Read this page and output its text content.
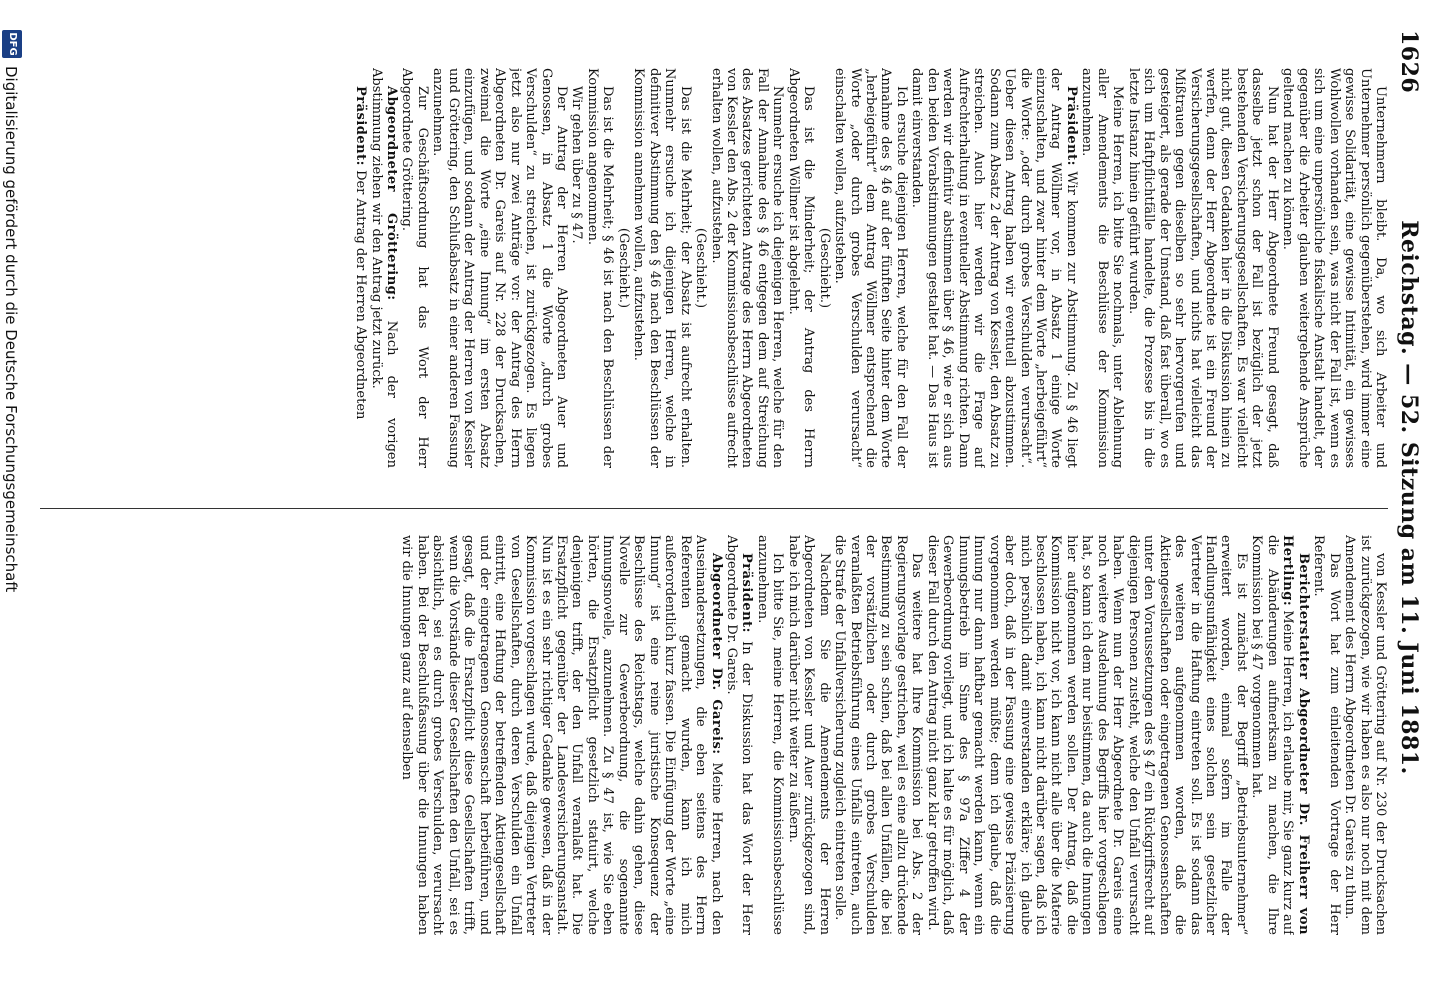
1626
Reichstag. — 52. Sitzung am 11. Juni 1881.

Unternehmern bleibt. Da, wo sich Arbeiter und Unternehmer persönlich gegenüberstehen, wird immer eine gewisse Solidarität, eine gewisse Intimität, ein gewisses Wohlwollen vorhanden sein, was nicht der Fall ist, wenn es sich um eine unpersönliche fiskalische Anstalt handelt, der gegenüber die Arbeiter glauben weitergehende Ansprüche geltend machen zu können.

Nun hat der Herr Abgeordnete Freund gesagt, daß dasselbe jetzt schon der Fall ist bezüglich der jetzt bestehenden Versicherungsgesellschaften. Es war vielleicht nicht gut, diesen Gedanken hier in die Diskussion hinein zu werfen, denn der Herr Abgeordnete ist ein Freund der Versicherungsgesellschaften, und nichts hat vielleicht das Mißtrauen gegen dieselben so sehr hervorgerufen und gesteigert, als gerade der Umstand, daß fast überall, wo es sich um Haftpflichtfälle handelte, die Prozesse bis in die letzte Instanz hinein geführt wurden.

Meine Herren, ich bitte Sie nochmals, unter Ablehnung aller Amendements die Beschlüsse der Kommission anzunehmen.

Präsident: Wir kommen zur Abstimmung. Zu § 46 liegt der Antrag Wöllmer vor, in Absatz 1 einige Worte einzuschalten, und zwar hinter dem Worte „herbeigeführt“ die Worte: „oder durch grobes Verschulden verursacht“. Ueber diesen Antrag haben wir eventuell abzustimmen. Sodann zum Absatz 2 der Antrag von Kessler, den Absatz zu streichen. Auch hier werden wir die Frage auf Aufrechterhaltung in eventueller Abstimmung richten. Dann werden wir definitiv abstimmen über § 46, wie er sich aus den beiden Vorabstimmungen gestaltet hat. — Das Haus ist damit einverstanden.

Ich ersuche diejenigen Herren, welche für den Fall der Annahme des § 46 auf der fünften Seite hinter dem Worte „herbeigeführt“ dem Antrag Wöllmer entsprechend die Worte „oder durch grobes Verschulden verursacht“ einschalten wollen, aufzustehen.

(Geschieht.)

Das ist die Minderheit; der Antrag des Herrn Abgeordneten Wöllmer ist abgelehnt.

Nunmehr ersuche ich diejenigen Herren, welche für den Fall der Annahme des § 46 entgegen dem auf Streichung des Absatzes gerichteten Antrage des Herrn Abgeordneten von Kessler den Abs. 2 der Kommissionsbeschlüsse aufrecht erhalten wollen, aufzustehen.

(Geschieht.)

Das ist die Mehrheit; der Absatz ist aufrecht erhalten. Nunmehr ersuche ich diejenigen Herren, welche in definitiver Abstimmung den § 46 nach den Beschlüssen der Kommission annehmen wollen, aufzustehen.

(Geschieht.)

Das ist die Mehrheit; § 46 ist nach den Beschlüssen der Kommission angenommen.

Wir gehen über zu § 47.

Der Antrag der Herren Abgeordneten Auer und Genossen, in Absatz 1 die Worte „durch grobes Verschulden“ zu streichen, ist zurückgezogen. Es liegen jetzt also nur zwei Anträge vor: der Antrag des Herrn Abgeordneten Dr. Gareis auf Nr. 228 der Drucksachen, zweimal die Worte „eine Innung“ im ersten Absatz einzufügen, und sodann der Antrag der Herren von Kessler und Gröttering, den Schlußabsatz in einer anderen Fassung anzunehmen.

Zur Geschäftsordnung hat das Wort der Herr Abgeordnete Gröttering.

Abgeordneter Gröttering: Nach der vorigen Abstimmung ziehen wir den Antrag jetzt zurück.

Präsident: Der Antrag der Herren Abgeordneten

von Kessler und Gröttering auf Nr. 230 der Drucksachen ist zurückgezogen, wie wir haben es also nur noch mit dem Amendement des Herrn Abgeordneten Dr. Gareis zu thun.

Das Wort hat zum einleitenden Vortrage der Herr Referent.

Berichterstatter Abgeordneter Dr. Freiherr von Hertling: Meine Herren, ich erlaube mir, Sie ganz kurz auf die Abänderungen aufmerksam zu machen, die Ihre Kommission bei § 47 vorgenommen hat.

Es ist zunächst der Begriff „Betriebsunternehmer“ erweitert worden, einmal sofern im Falle der Handlungsunfähigkeit eines solchen sein gesetzlicher Vertreter in die Haftung eintreten soll. Es ist sodann das des weiteren aufgenommen worden, daß die Aktiengesellschaften oder eingetragenen Genossenschaften unter den Voraussetzungen des § 47 ein Rückgriffsrecht auf diejenigen Personen zusteht, welche den Unfall verursacht haben. Wenn nun der Herr Abgeordnete Dr. Gareis eine noch weitere Ausdehnung des Begriffs hier vorgeschlagen hat, so kann ich dem nur beistimmen, da auch die Innungen hier aufgenommen werden sollen. Der Antrag, daß die Kommission nicht vor, ich kann nicht alle über die Materie beschlossen haben, ich kann nicht darüber sagen, daß ich mich persönlich damit einverstanden erkläre; ich glaube aber doch, daß in der Fassung eine gewisse Präzisierung vorgenommen werden müßte; denn ich glaube, daß die Innung nur dann haftbar gemacht werden kann, wenn ein Innungsbetrieb im Sinne des § 97a Ziffer 4 der Gewerbeordnung vorliegt, und ich halte es für möglich, daß dieser Fall durch den Antrag nicht ganz klar getroffen wird.

Das weitere hat Ihre Kommission bei Abs. 2 der Regierungsvorlage gestrichen, weil es eine allzu drückende Bestimmung zu sein schien, daß bei allen Unfällen, die bei der vorsätzlichen oder durch grobes Verschulden veranlaßten Betriebsführung eines Unfalls eintreten, auch die Strafe der Unfallversicherung zugleich eintreten solle.

Nachdem Sie die Amendements der Herren Abgeordneten von Kessler und Auer zurückgezogen sind, habe ich mich darüber nicht weiter zu äußern.

Ich bitte Sie, meine Herren, die Kommissionsbeschlüsse anzunehmen.

Präsident: In der Diskussion hat das Wort der Herr Abgeordnete Dr. Gareis.

Abgeordneter Dr. Gareis: Meine Herren, nach den Auseinandersetzungen, die eben seitens des Herrn Referenten gemacht wurden, kann ich mich außerordentlich kurz fassen. Die Einfügung der Worte „eine Innung“ ist eine reine juristische Konsequenz der Beschlüsse des Reichstags, welche dahin gehen, diese Novelle zur Gewerbeordnung, die sogenannte Innungsnovelle, anzunehmen. Zu § 47 ist, wie Sie eben hörten, die Ersatzpflicht gesetzlich statuirt, welche denjenigen trifft, der den Unfall veranlaßt hat. Die Ersatzpflicht gegenüber der Landesversicherungsanstalt. Nun ist es ein sehr richtiger Gedanke gewesen, daß in der Kommission vorgeschlagen wurde, daß diejenigen Vertreter von Gesellschaften, durch deren Verschulden ein Unfall eintritt, eine Haftung der betreffenden Aktiengesellschaft und der eingetragenen Genossenschaft herbeiführen, und gesagt, daß die Ersatzpflicht diese Gesellschaften trifft, wenn die Vorstände dieser Gesellschaften den Unfall, sei es absichtlich, sei es durch grobes Verschulden, verursacht haben. Bei der Beschlußfassung über die Innungen haben wir die Innungen ganz auf denselben

DFG
Digitalisierung gefördert durch die Deutsche Forschungsgemeinschaft
